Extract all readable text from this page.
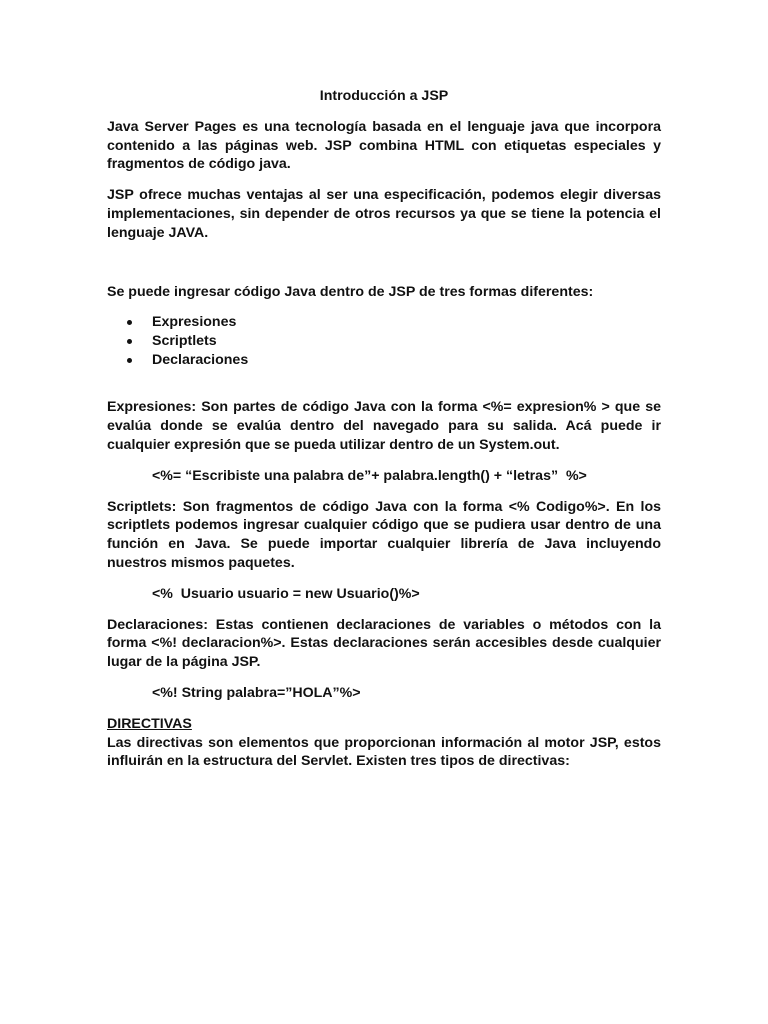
Introducción a JSP

Java Server Pages es una tecnología basada en el lenguaje java que incorpora contenido a las páginas web. JSP combina HTML con etiquetas especiales y fragmentos de código java.

JSP ofrece muchas ventajas al ser una especificación, podemos elegir diversas implementaciones, sin depender de otros recursos ya que se tiene la potencia el lenguaje JAVA.

Se puede ingresar código Java dentro de JSP de tres formas diferentes:

Expresiones
Scriptlets
Declaraciones

Expresiones: Son partes de código Java con la forma <%= expresion% > que se evalúa donde se evalúa dentro del navegado para su salida. Acá puede ir cualquier expresión que se pueda utilizar dentro de un System.out.

<%= “Escribiste una palabra de”+ palabra.length() + “letras”  %>

Scriptlets: Son fragmentos de código Java con la forma <% Codigo%>. En los scriptlets podemos ingresar cualquier código que se pudiera usar dentro de una función en Java. Se puede importar cualquier librería de Java incluyendo nuestros mismos paquetes.

<%  Usuario usuario = new Usuario()%>

Declaraciones: Estas contienen declaraciones de variables o métodos con la forma <%! declaracion%>. Estas declaraciones serán accesibles desde cualquier lugar de la página JSP.

<%! String palabra=”HOLA”%>

DIRECTIVAS

Las directivas son elementos que proporcionan información al motor JSP, estos influirán en la estructura del Servlet. Existen tres tipos de directivas:
